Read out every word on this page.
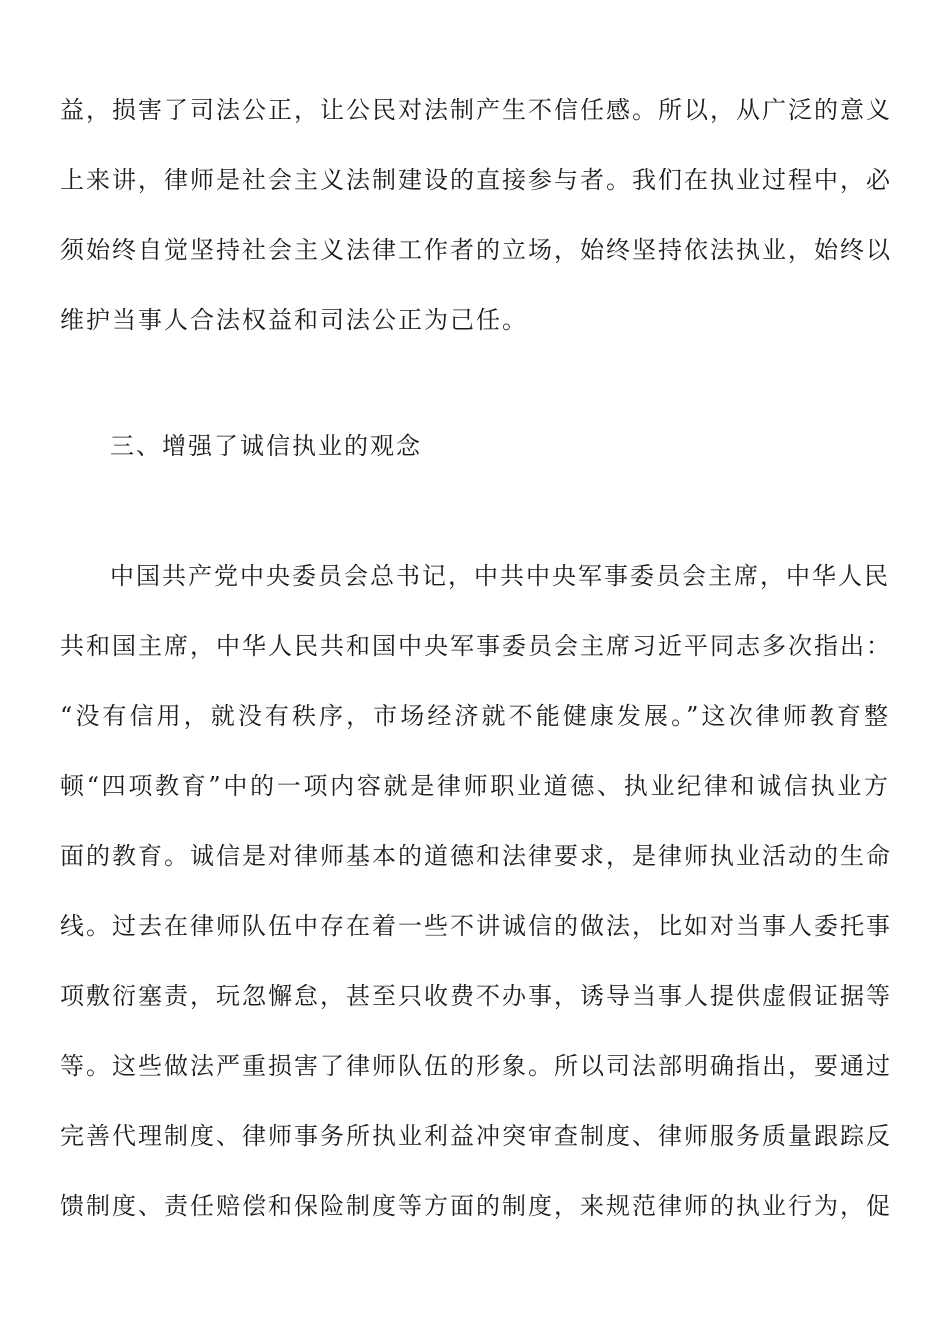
益，损害了司法公正，让公民对法制产生不信任感。所以，从广泛的意义
上来讲，律师是社会主义法制建设的直接参与者。我们在执业过程中，必
须始终自觉坚持社会主义法律工作者的立场，始终坚持依法执业，始终以
维护当事人合法权益和司法公正为己任。
三、增强了诚信执业的观念
中国共产党中央委员会总书记，中共中央军事委员会主席，中华人民
共和国主席，中华人民共和国中央军事委员会主席习近平同志多次指出：
“没有信用，就没有秩序，市场经济就不能健康发展。”这次律师教育整
顿“四项教育”中的一项内容就是律师职业道德、执业纪律和诚信执业方
面的教育。诚信是对律师基本的道德和法律要求，是律师执业活动的生命
线。过去在律师队伍中存在着一些不讲诚信的做法，比如对当事人委托事
项敷衍塞责，玩忽懈怠，甚至只收费不办事，诱导当事人提供虚假证据等
等。这些做法严重损害了律师队伍的形象。所以司法部明确指出，要通过
完善代理制度、律师事务所执业利益冲突审查制度、律师服务质量跟踪反
馈制度、责任赔偿和保险制度等方面的制度，来规范律师的执业行为，促
